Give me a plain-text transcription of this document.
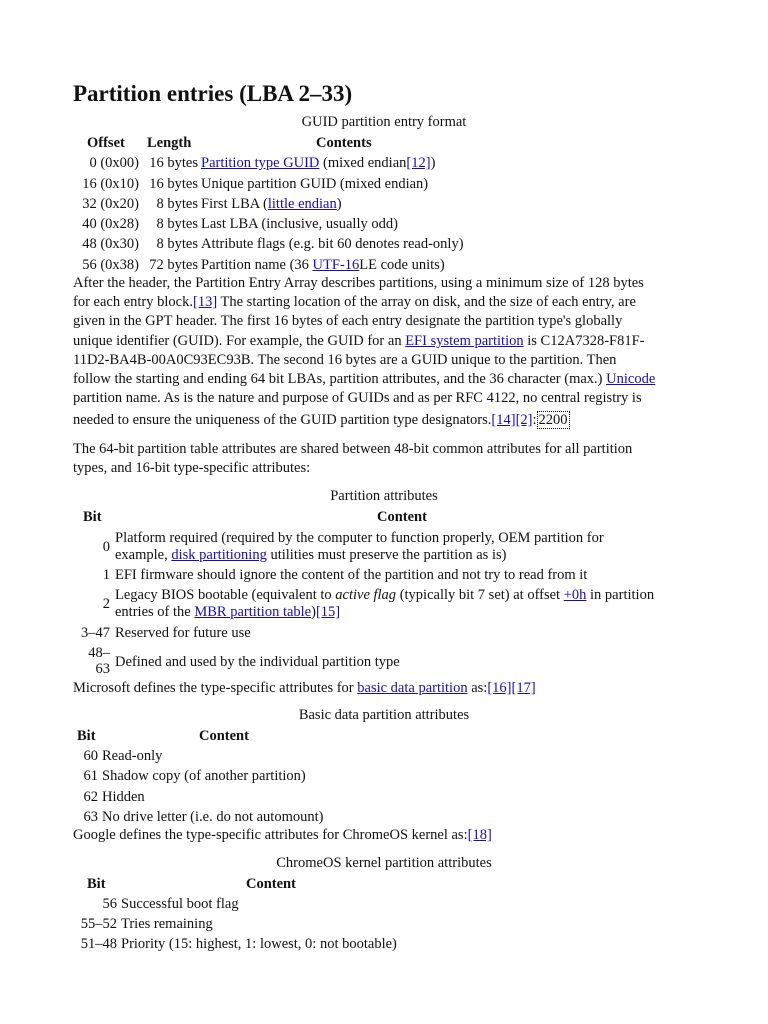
Partition entries (LBA 2–33)
GUID partition entry format
Offset Length	Contents
0 (0x00) 16 bytes Partition type GUID (mixed endian[12])
16 (0x10) 16 bytes Unique partition GUID (mixed endian)
32 (0x20) 8 bytes First LBA (little endian)
40 (0x28) 8 bytes Last LBA (inclusive, usually odd)
48 (0x30) 8 bytes Attribute flags (e.g. bit 60 denotes read-only)
56 (0x38) 72 bytes Partition name (36 UTF-16LE code units)
After the header, the Partition Entry Array describes partitions, using a minimum size of 128 bytes
for each entry block.[13] The starting location of the array on disk, and the size of each entry, are
given in the GPT header. The first 16 bytes of each entry designate the partition type's globally
unique identifier (GUID). For example, the GUID for an EFI system partition is C12A7328-F81F-
11D2-BA4B-00A0C93EC93B. The second 16 bytes are a GUID unique to the partition. Then
follow the starting and ending 64 bit LBAs, partition attributes, and the 36 character (max.) Unicode
partition name. As is the nature and purpose of GUIDs and as per RFC 4122, no central registry is
needed to ensure the uniqueness of the GUID partition type designators.[14][2]: 2200
The 64-bit partition table attributes are shared between 48-bit common attributes for all partition
types, and 16-bit type-specific attributes:
Partition attributes
Bit	Content
0
Platform required (required by the computer to function properly, OEM partition for
example, disk partitioning utilities must preserve the partition as is)
1 EFI firmware should ignore the content of the partition and not try to read from it
2
Legacy BIOS bootable (equivalent to active flag (typically bit 7 set) at offset +0h in partition
entries of the MBR partition table)[15]
3–47 Reserved for future use
48–
63 Defined and used by the individual partition type
Microsoft defines the type-specific attributes for basic data partition as:[16][17]
Basic data partition attributes
Bit	Content
60 Read-only
61 Shadow copy (of another partition)
62 Hidden
63 No drive letter (i.e. do not automount)
Google defines the type-specific attributes for ChromeOS kernel as:[18]
ChromeOS kernel partition attributes
Bit	Content
56 Successful boot flag
55–52 Tries remaining
51–48 Priority (15: highest, 1: lowest, 0: not bootable)
